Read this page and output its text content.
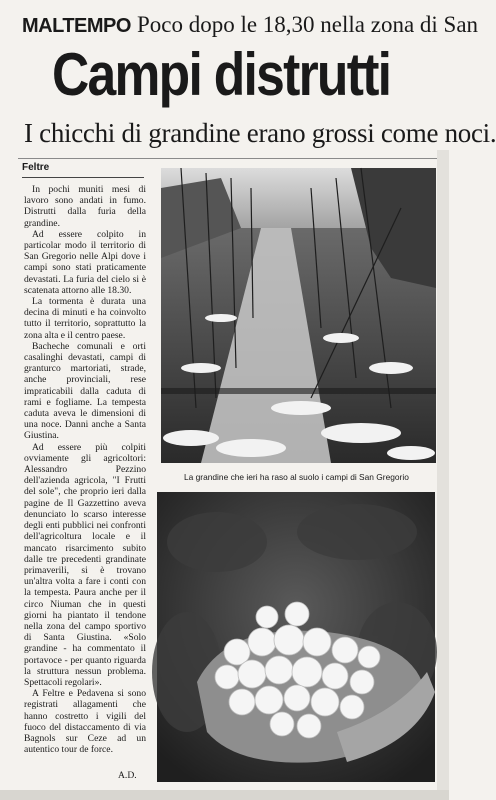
MALTEMPO Poco dopo le 18,30 nella zona di San
Campi distrutti
I chicchi di grandine erano grossi come noci.
Feltre

In pochi muniti mesi di lavoro sono andati in fumo. Distrutti dalla furia della grandine.

Ad essere colpito in particolar modo il territorio di San Gregorio nelle Alpi dove i campi sono stati praticamente devastati. La furia del cielo si è scatenata attorno alle 18.30.

La tormenta è durata una decina di minuti e ha coinvolto tutto il territorio, soprattutto la zona alta e il centro paese.

Bacheche comunali e orti casalinghi devastati, campi di granturco martoriati, strade, anche provinciali, rese impraticabili dalla caduta di rami e fogliame. La tempesta caduta aveva le dimensioni di una noce. Danni anche a Santa Giustina.

Ad essere più colpiti ovviamente gli agricoltori: Alessandro Pezzino dell'azienda agricola, "I Frutti del sole", che proprio ieri dalla pagine de Il Gazzettino aveva denunciato lo scarso interesse degli enti pubblici nei confronti dell'agricoltura locale e il mancato risarcimento subito dalle tre precedenti grandinate primaverili, si è trovano un'altra volta a fare i conti con la tempesta. Paura anche per il circo Niuman che in questi giorni ha piantato il tendone nella zona del campo sportivo di Santa Giustina. «Solo grandine - ha commentato il portavoce - per quanto riguarda la struttura nessun problema. Spettacoli regolari».

A Feltre e Pedavena si sono registrati allagamenti che hanno costretto i vigili del fuoco del distaccamento di via Bagnols sur Ceze ad un autentico tour de force.

A.D.
La grandine che ieri ha raso al suolo i campi di San Gregorio
